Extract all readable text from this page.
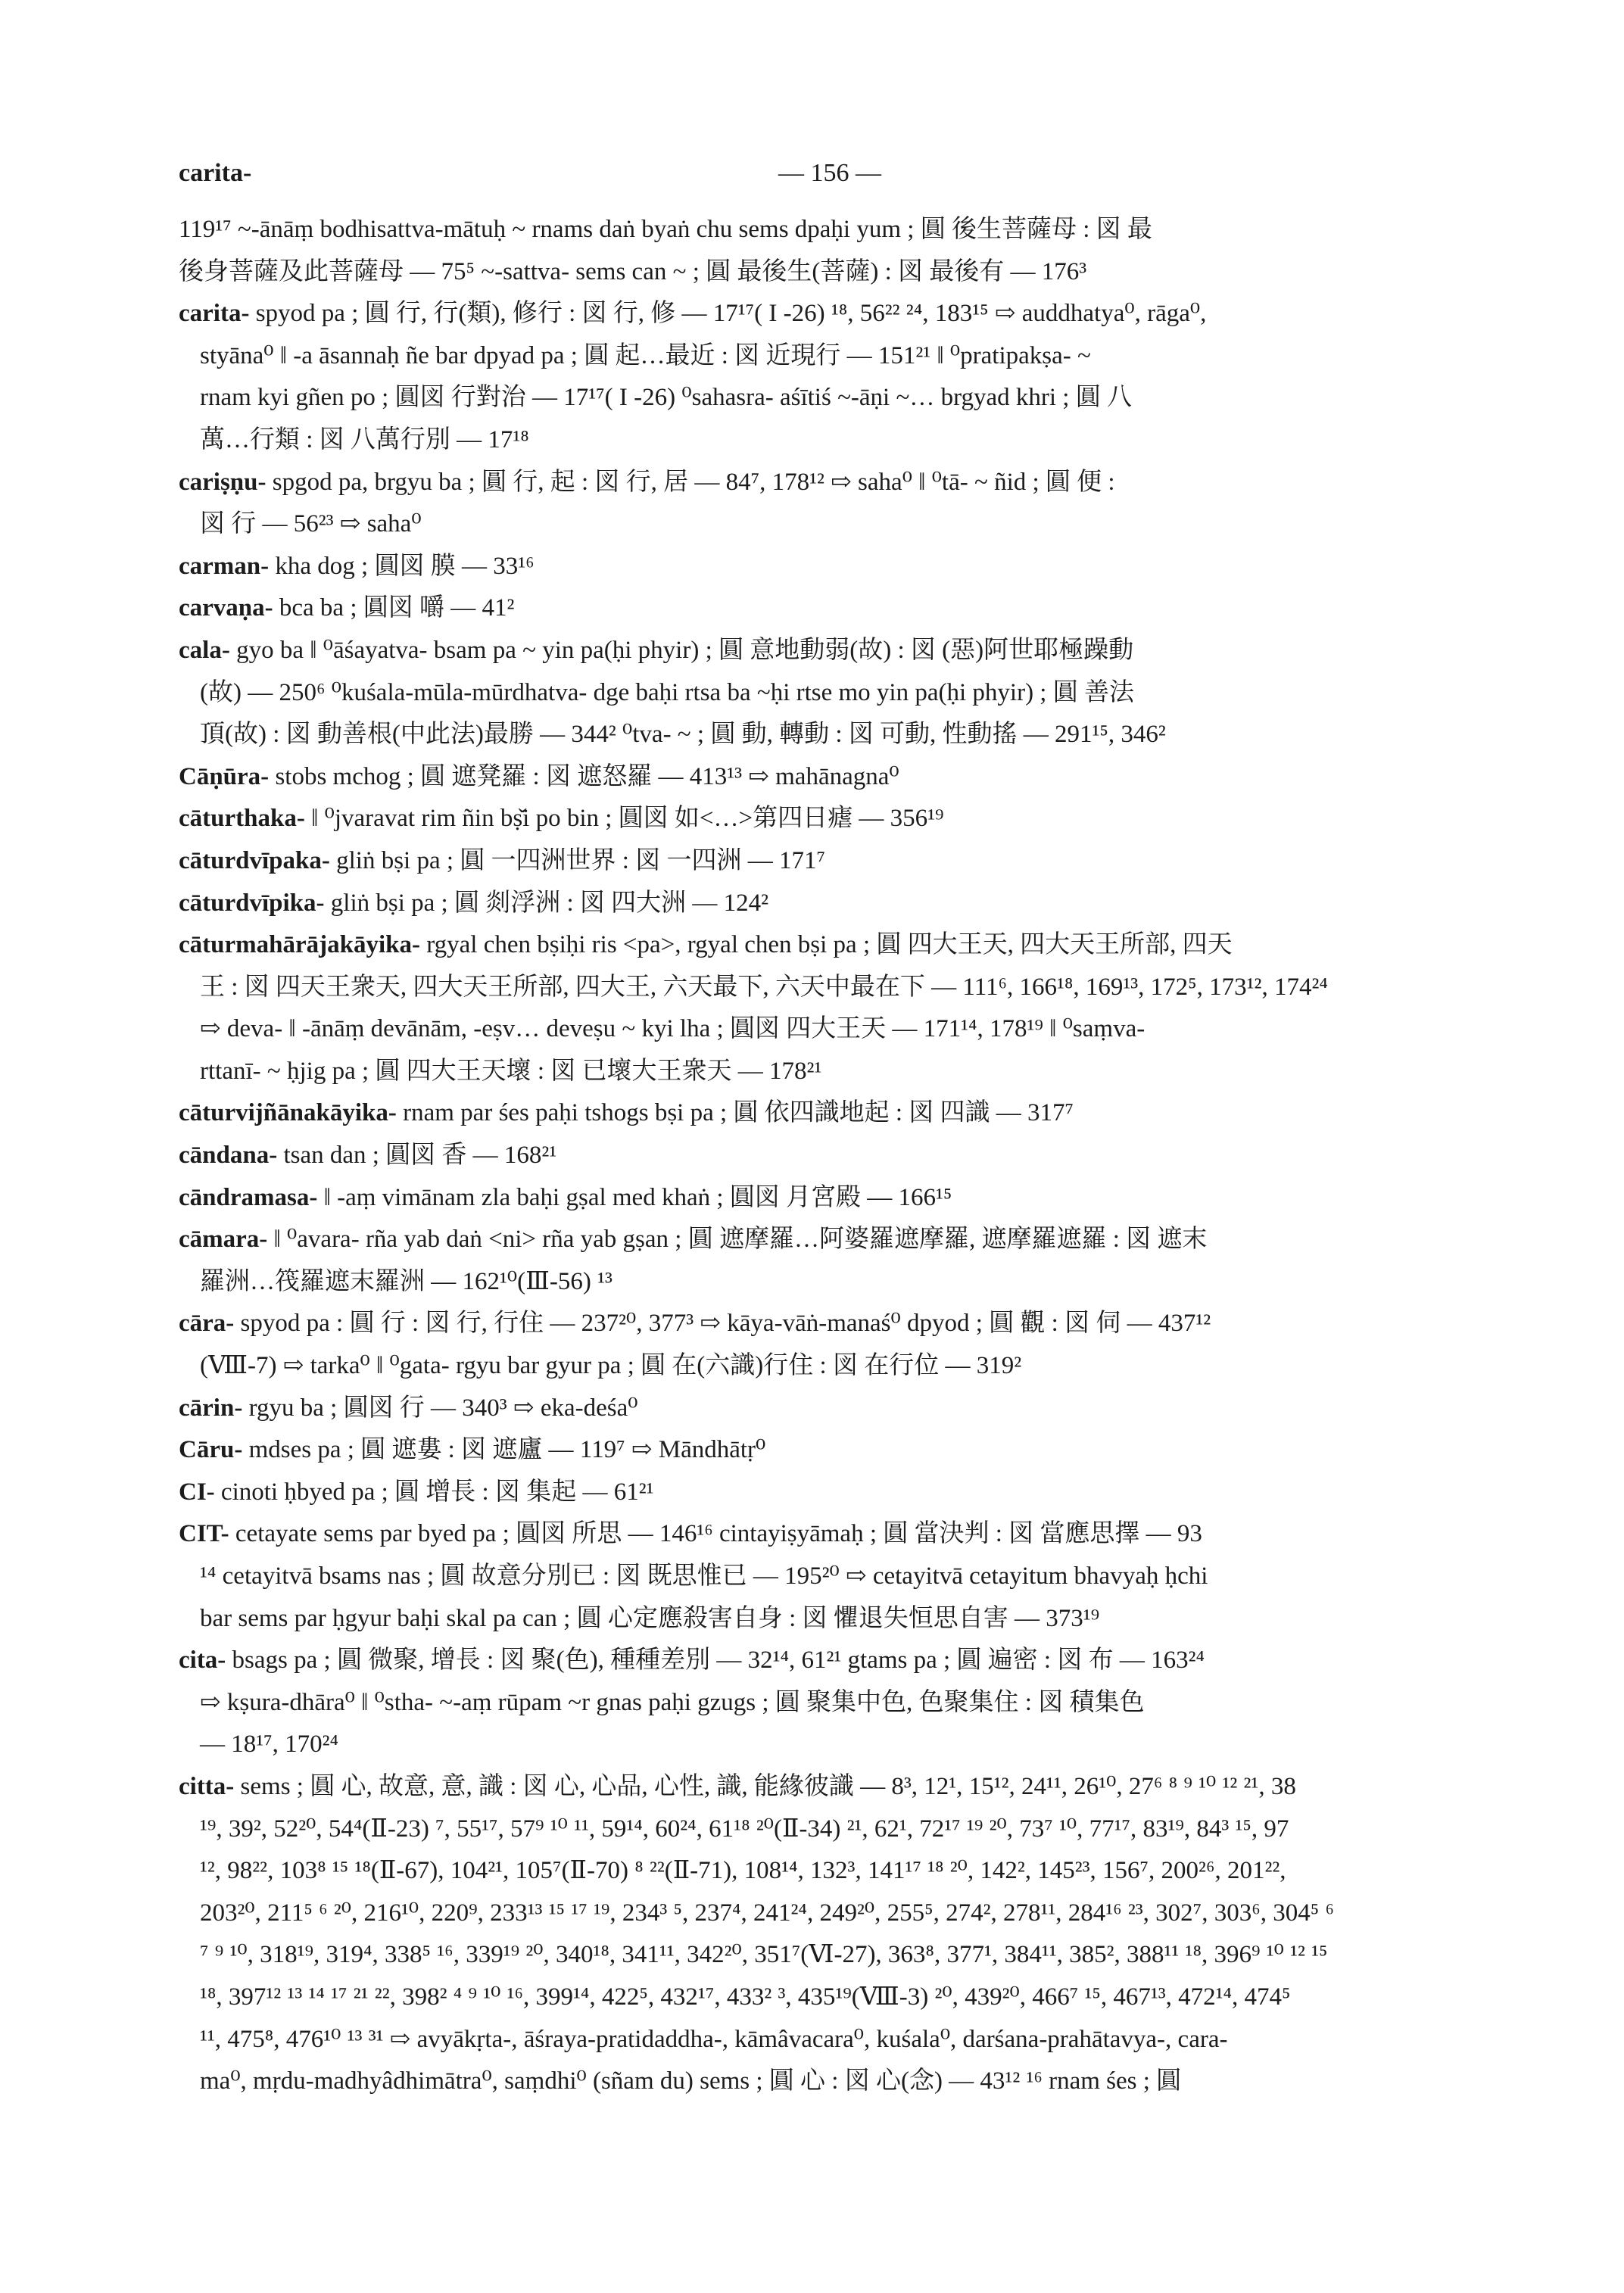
carita-	— 156 —

119¹⁷ ~-ānāṃ bodhisattva-mātuḥ ~ rnams daṅ byaṅ chu sems dpaḥi yum ; 圓 後生菩薩母 : 図 最

後身菩薩及此菩薩母 — 75⁵ ~-sattva- sems can ~ ; 圓 最後生(菩薩) : 図 最後有 — 176³

carita- spyod pa ; 圓 行, 行(類), 修行 : 図 行, 修 — 17¹⁷( I -26) ¹⁸, 56²² ²⁴, 183¹⁵ ⇨ auddhatya⁰, rāga⁰,

styāna⁰ ‖ -a āsannaḥ ñe bar dpyad pa ; 圓 起…最近 : 図 近現行 — 151²¹ ‖ ⁰pratipakṣa- ~

rnam kyi gñen po ; 圓図 行對治 — 17¹⁷( I -26) ⁰sahasra- aśītiś ~-āṇi ~… brgyad khri ; 圓 八

萬…行類 : 図 八萬行別 — 17¹⁸

cariṣṇu- spgod pa, brgyu ba ; 圓 行, 起 : 図 行, 居 — 84⁷, 178¹² ⇨ saha⁰ ‖ ⁰tā- ~ ñid ; 圓 便 :

図 行 — 56²³ ⇨ saha⁰

carman- kha dog ; 圓図 膜 — 33¹⁶

carvaṇa- bca ba ; 圓図 嚼 — 41²

cala- gyo ba ‖ ⁰āśayatva- bsam pa ~ yin pa(ḥi phyir) ; 圓 意地動弱(故) : 図 (惡)阿世耶極躁動

(故) — 250⁶ ⁰kuśala-mūla-mūrdhatva- dge baḥi rtsa ba ~ḥi rtse mo yin pa(ḥi phyir) ; 圓 善法

頂(故) : 図 動善根(中此法)最勝 — 344² ⁰tva- ~ ; 圓 動, 轉動 : 図 可動, 性動搖 — 291¹⁵, 346²

Cāṇūra- stobs mchog ; 圓 遮凳羅 : 図 遮怒羅 — 413¹³ ⇨ mahānagna⁰

cāturthaka- ‖ ⁰jvaravat rim ñin bṣ̌i po bin ; 圓図 如<…>第四日瘧 — 356¹⁹

cāturdvīpaka- gliṅ bṣi pa ; 圓 一四洲世界 : 図 一四洲 — 171⁷

cāturdvīpika- gliṅ bṣi pa ; 圓 剡浮洲 : 図 四大洲 — 124²

cāturmahārājakāyika- rgyal chen bṣiḥi ris <pa>, rgyal chen bṣi pa ; 圓 四大王天, 四大天王所部, 四天

王 : 図 四天王衆天, 四大天王所部, 四大王, 六天最下, 六天中最在下 — 111⁶, 166¹⁸, 169¹³, 172⁵, 173¹², 174²⁴

⇨ deva- ‖ -ānāṃ devānām, -eṣv… deveṣu ~ kyi lha ; 圓図 四大王天 — 171¹⁴, 178¹⁹ ‖ ⁰saṃva-

rttanī- ~ ḥjig pa ; 圓 四大王天壞 : 図 已壞大王衆天 — 178²¹

cāturvijñānakāyika- rnam par śes paḥi tshogs bṣi pa ; 圓 依四識地起 : 図 四識 — 317⁷

cāndana- tsan dan ; 圓図 香 — 168²¹

cāndramasa- ‖ -aṃ vimānam zla baḥi gṣal med khaṅ ; 圓図 月宮殿 — 166¹⁵

cāmara- ‖ ⁰avara- rña yab daṅ <ni> rña yab gṣan ; 圓 遮摩羅…阿婆羅遮摩羅, 遮摩羅遮羅 : 図 遮末

羅洲…筏羅遮末羅洲 — 162¹⁰(Ⅲ-56) ¹³

cāra- spyod pa : 圓 行 : 図 行, 行住 — 237²⁰, 377³ ⇨ kāya-vāṅ-manaś⁰ dpyod ; 圓 觀 : 図 伺 — 437¹²

(Ⅷ-7) ⇨ tarka⁰ ‖ ⁰gata- rgyu bar gyur pa ; 圓 在(六識)行住 : 図 在行位 — 319²

cārin- rgyu ba ; 圓図 行 — 340³ ⇨ eka-deśa⁰

Cāru- mdses pa ; 圓 遮婁 : 図 遮廬 — 119⁷ ⇨ Māndhātṛ⁰

CI- cinoti ḥbyed pa ; 圓 增長 : 図 集起 — 61²¹

CIT- cetayate sems par byed pa ; 圓図 所思 — 146¹⁶ cintayiṣyāmaḥ ; 圓 當決判 : 図 當應思擇 — 93

¹⁴ cetayitvā bsams nas ; 圓 故意分別已 : 図 既思惟已 — 195²⁰ ⇨ cetayitvā cetayitum bhavyaḥ ḥchi

bar sems par ḥgyur baḥi skal pa can ; 圓 心定應殺害自身 : 図 懼退失恒思自害 — 373¹⁹

cita- bsags pa ; 圓 微聚, 增長 : 図 聚(色), 種種差別 — 32¹⁴, 61²¹ gtams pa ; 圓 遍密 : 図 布 — 163²⁴

⇨ kṣura-dhāra⁰ ‖ ⁰stha- ~-aṃ rūpam ~r gnas paḥi gzugs ; 圓 聚集中色, 色聚集住 : 図 積集色

— 18¹⁷, 170²⁴

citta- sems ; 圓 心, 故意, 意, 識 : 図 心, 心品, 心性, 識, 能緣彼識 — 8³, 12¹, 15¹², 24¹¹, 26¹⁰, 27⁶ ⁸ ⁹ ¹⁰ ¹² ²¹, 38

¹⁹, 39², 52²⁰, 54⁴(Ⅱ-23) ⁷, 55¹⁷, 57⁹ ¹⁰ ¹¹, 59¹⁴, 60²⁴, 61¹⁸ ²⁰(Ⅱ-34) ²¹, 62¹, 72¹⁷ ¹⁹ ²⁰, 73⁷ ¹⁰, 77¹⁷, 83¹⁹, 84³ ¹⁵, 97

¹², 98²², 103⁸ ¹⁵ ¹⁸(Ⅱ-67), 104²¹, 105⁷(Ⅱ-70) ⁸ ²²(Ⅱ-71), 108¹⁴, 132³, 141¹⁷ ¹⁸ ²⁰, 142², 145²³, 156⁷, 200²⁶, 201²²,

203²⁰, 211⁵ ⁶ ²⁰, 216¹⁰, 220⁹, 233¹³ ¹⁵ ¹⁷ ¹⁹, 234³ ⁵, 237⁴, 241²⁴, 249²⁰, 255⁵, 274², 278¹¹, 284¹⁶ ²³, 302⁷, 303⁶, 304⁵ ⁶

⁷ ⁹ ¹⁰, 318¹⁹, 319⁴, 338⁵ ¹⁶, 339¹⁹ ²⁰, 340¹⁸, 341¹¹, 342²⁰, 351⁷(Ⅵ-27), 363⁸, 377¹, 384¹¹, 385², 388¹¹ ¹⁸, 396⁹ ¹⁰ ¹² ¹⁵

¹⁸, 397¹² ¹³ ¹⁴ ¹⁷ ²¹ ²², 398² ⁴ ⁹ ¹⁰ ¹⁶, 399¹⁴, 422⁵, 432¹⁷, 433² ³, 435¹⁹(Ⅷ-3) ²⁰, 439²⁰, 466⁷ ¹⁵, 467¹³, 472¹⁴, 474⁵

¹¹, 475⁸, 476¹⁰ ¹³ ³¹ ⇨ avyākṛta-, āśraya-pratidaddha-, kāmâvacara⁰, kuśala⁰, darśana-prahātavya-, cara-

ma⁰, mṛdu-madhyâdhimātra⁰, saṃdhi⁰ (sñam du) sems ; 圓 心 : 図 心(念) — 43¹² ¹⁶ rnam śes ; 圓
